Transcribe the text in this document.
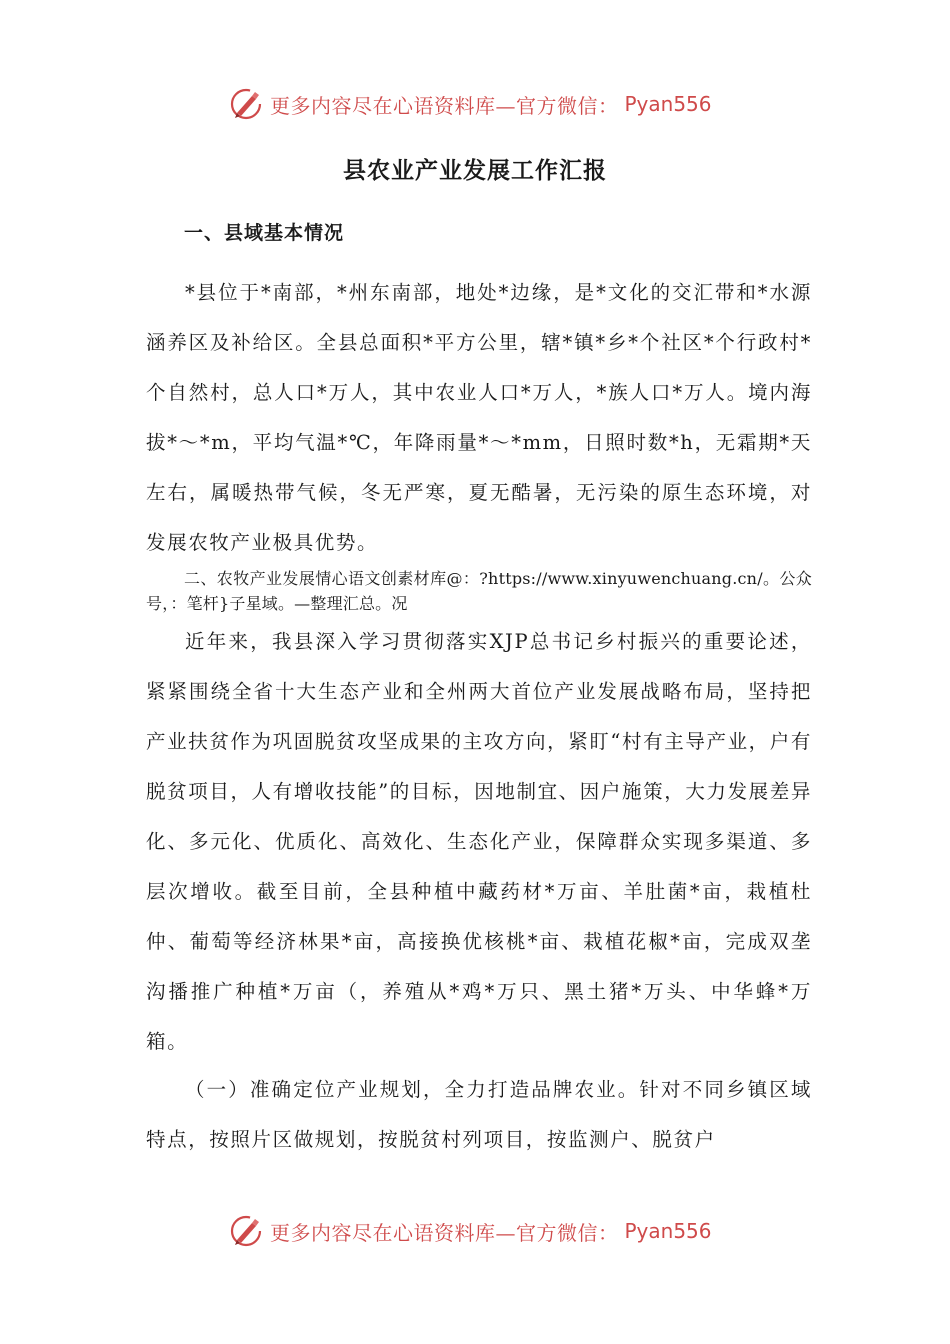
更多内容尽在心语资料库—官方微信： Pyan556
县农业产业发展工作汇报
一、县域基本情况

*县位于*南部，*州东南部，地处*边缘，是*文化的交汇带和*水源涵养区及补给区。全县总面积*平方公里，辖*镇*乡*个社区*个行政村*个自然村，总人口*万人，其中农业人口*万人，*族人口*万人。境内海拔*～*m，平均气温*℃，年降雨量*～*mm，日照时数*h，无霜期*天左右，属暖热带气候，冬无严寒，夏无酷暑，无污染的原生态环境，对发展农牧产业极具优势。

二、农牧产业发展情心语文创素材库@：?https://www.xinyuwenchuang.cn/。公众号，：笔杆}子星域。—整理汇总。况

近年来，我县深入学习贯彻落实XJP总书记乡村振兴的重要论述，紧紧围绕全省十大生态产业和全州两大首位产业发展战略布局，坚持把产业扶贫作为巩固脱贫攻坚成果的主攻方向，紧盯“村有主导产业，户有脱贫项目，人有增收技能”的目标，因地制宜、因户施策，大力发展差异化、多元化、优质化、高效化、生态化产业，保障群众实现多渠道、多层次增收。截至目前，全县种植中藏药材*万亩、羊肚菌*亩，栽植杜仲、葡萄等经济林果*亩，高接换优核桃*亩、栽植花椒*亩，完成双垄沟播推广种植*万亩（，养殖从*鸡*万只、黑土猪*万头、中华蜂*万箱。

（一）准确定位产业规划，全力打造品牌农业。针对不同乡镇区域特点，按照片区做规划，按脱贫村列项目，按监测户、脱贫户

更多内容尽在心语资料库—官方微信： Pyan556
